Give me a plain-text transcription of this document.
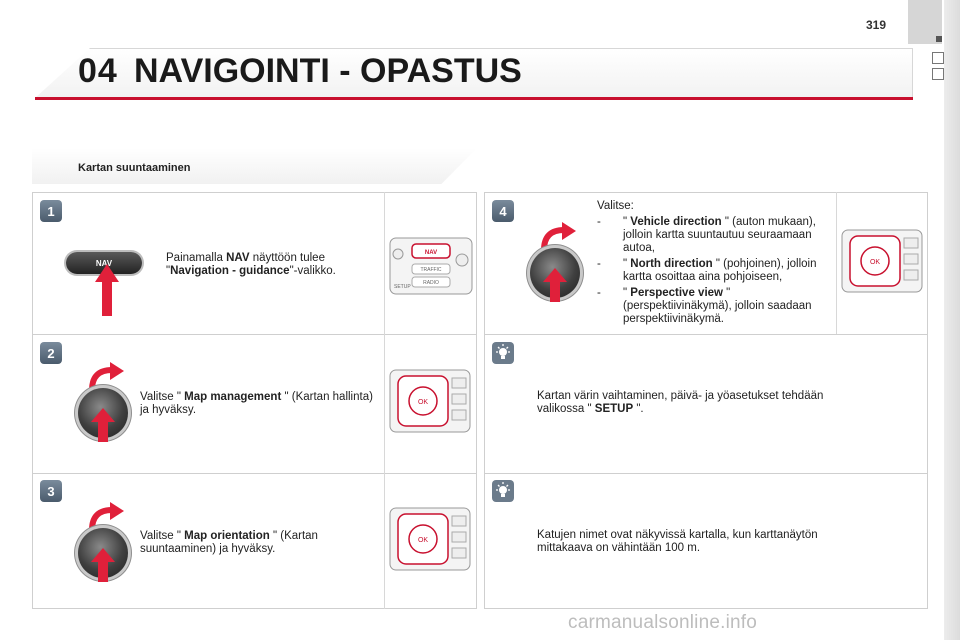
319
04 NAVIGOINTI - OPASTUS
Kartan suuntaaminen
1
NAV	Painamalla NAV näyttöön tulee "Navigation - guidance"-valikko.
NAV
TRAFFIC
RADIO
SETUP
2
Valitse " Map management " (Kartan hallinta) ja hyväksy.
OK
3
Valitse " Map orientation " (Kartan suuntaaminen) ja hyväksy.
OK
4	Valitse:
- " Vehicle direction " (auton mukaan), jolloin kartta suuntautuu seuraamaan autoa,
- " North direction " (pohjoinen), jolloin kartta osoittaa aina pohjoiseen,
- " Perspective view " (perspektiivinäkymä), jolloin saadaan perspektiivinäkymä.
OK
Kartan värin vaihtaminen, päivä- ja yöasetukset tehdään valikossa " SETUP ".
Katujen nimet ovat näkyvissä kartalla, kun karttanäytön mittakaava on vähintään 100 m.
carmanualsonline.info
